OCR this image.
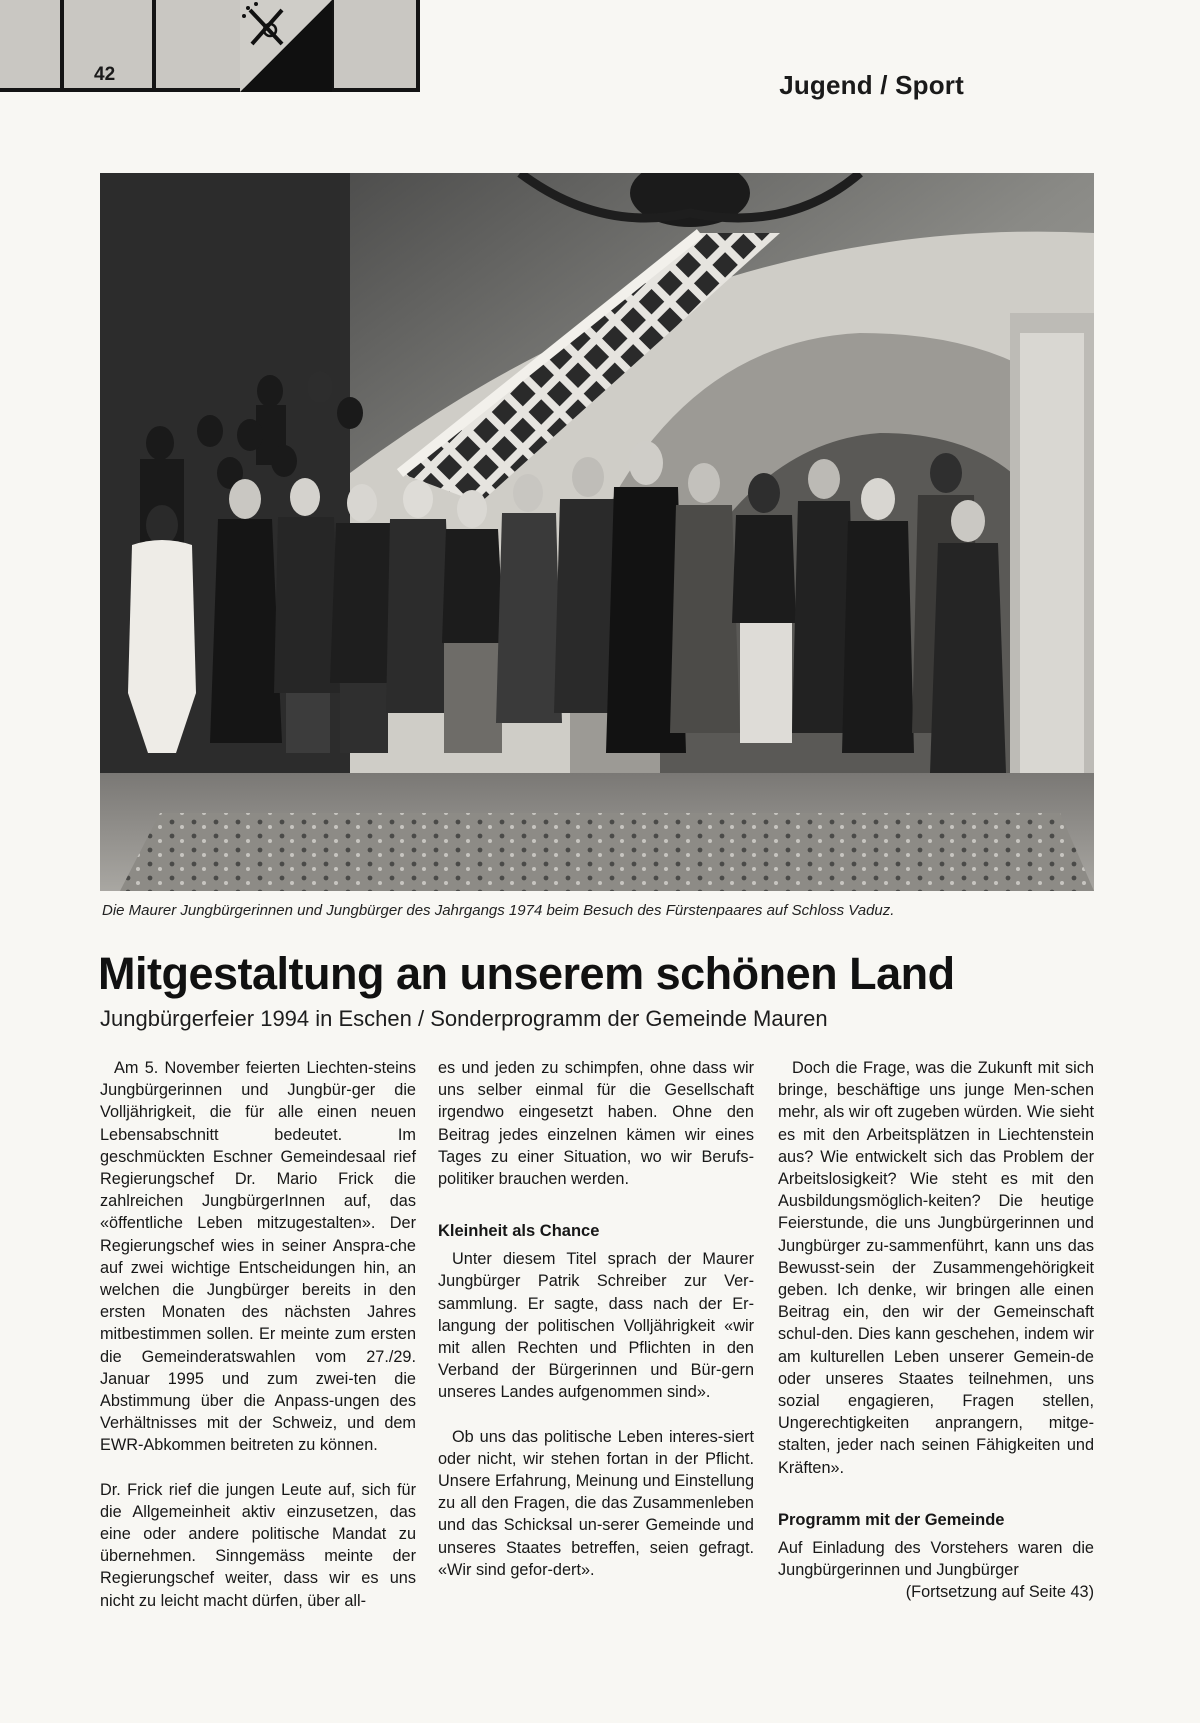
42	Jugend / Sport
Die Maurer Jungbürgerinnen und Jungbürger des Jahrgangs 1974 beim Besuch des Fürstenpaares auf Schloss Vaduz.
Mitgestaltung an unserem schönen Land
Jungbürgerfeier 1994 in Eschen / Sonderprogramm der Gemeinde Mauren

Am 5. November feierten Liechten-steins Jungbürgerinnen und Jungbür-ger die Volljährigkeit, die für alle einen neuen Lebensabschnitt bedeutet. Im geschmückten Eschner Gemeindesaal rief Regierungschef Dr. Mario Frick die zahlreichen JungbürgerInnen auf, das «öffentliche Leben mitzugestalten». Der Regierungschef wies in seiner Anspra-che auf zwei wichtige Entscheidungen hin, an welchen die Jungbürger bereits in den ersten Monaten des nächsten Jahres mitbestimmen sollen. Er meinte zum ersten die Gemeinderatswahlen vom 27./29. Januar 1995 und zum zwei-ten die Abstimmung über die Anpass-ungen des Verhältnisses mit der Schweiz, und dem EWR-Abkommen beitreten zu können.

Dr. Frick rief die jungen Leute auf, sich für die Allgemeinheit aktiv einzusetzen, das eine oder andere politische Mandat zu übernehmen. Sinngemäss meinte der Regierungschef weiter, dass wir es uns nicht zu leicht macht dürfen, über all-

es und jeden zu schimpfen, ohne dass wir uns selber einmal für die Gesellschaft irgendwo eingesetzt haben. Ohne den Beitrag jedes einzelnen kämen wir eines Tages zu einer Situation, wo wir Berufs-politiker brauchen werden.

Kleinheit als Chance

Unter diesem Titel sprach der Maurer Jungbürger Patrik Schreiber zur Ver-sammlung. Er sagte, dass nach der Er-langung der politischen Volljährigkeit «wir mit allen Rechten und Pflichten in den Verband der Bürgerinnen und Bür-gern unseres Landes aufgenommen sind».

Ob uns das politische Leben interes-siert oder nicht, wir stehen fortan in der Pflicht. Unsere Erfahrung, Meinung und Einstellung zu all den Fragen, die das Zusammenleben und das Schicksal un-serer Gemeinde und unseres Staates betreffen, seien gefragt. «Wir sind gefor-dert».

Doch die Frage, was die Zukunft mit sich bringe, beschäftige uns junge Men-schen mehr, als wir oft zugeben würden. Wie sieht es mit den Arbeitsplätzen in Liechtenstein aus? Wie entwickelt sich das Problem der Arbeitslosigkeit? Wie steht es mit den Ausbildungsmöglich-keiten? Die heutige Feierstunde, die uns Jungbürgerinnen und Jungbürger zu-sammenführt, kann uns das Bewusst-sein der Zusammengehörigkeit geben. Ich denke, wir bringen alle einen Beitrag ein, den wir der Gemeinschaft schul-den. Dies kann geschehen, indem wir am kulturellen Leben unserer Gemein-de oder unseres Staates teilnehmen, uns sozial engagieren, Fragen stellen, Ungerechtigkeiten anprangern, mitge-stalten, jeder nach seinen Fähigkeiten und Kräften».

Programm mit der Gemeinde

Auf Einladung des Vorstehers waren die Jungbürgerinnen und Jungbürger

(Fortsetzung auf Seite 43)
